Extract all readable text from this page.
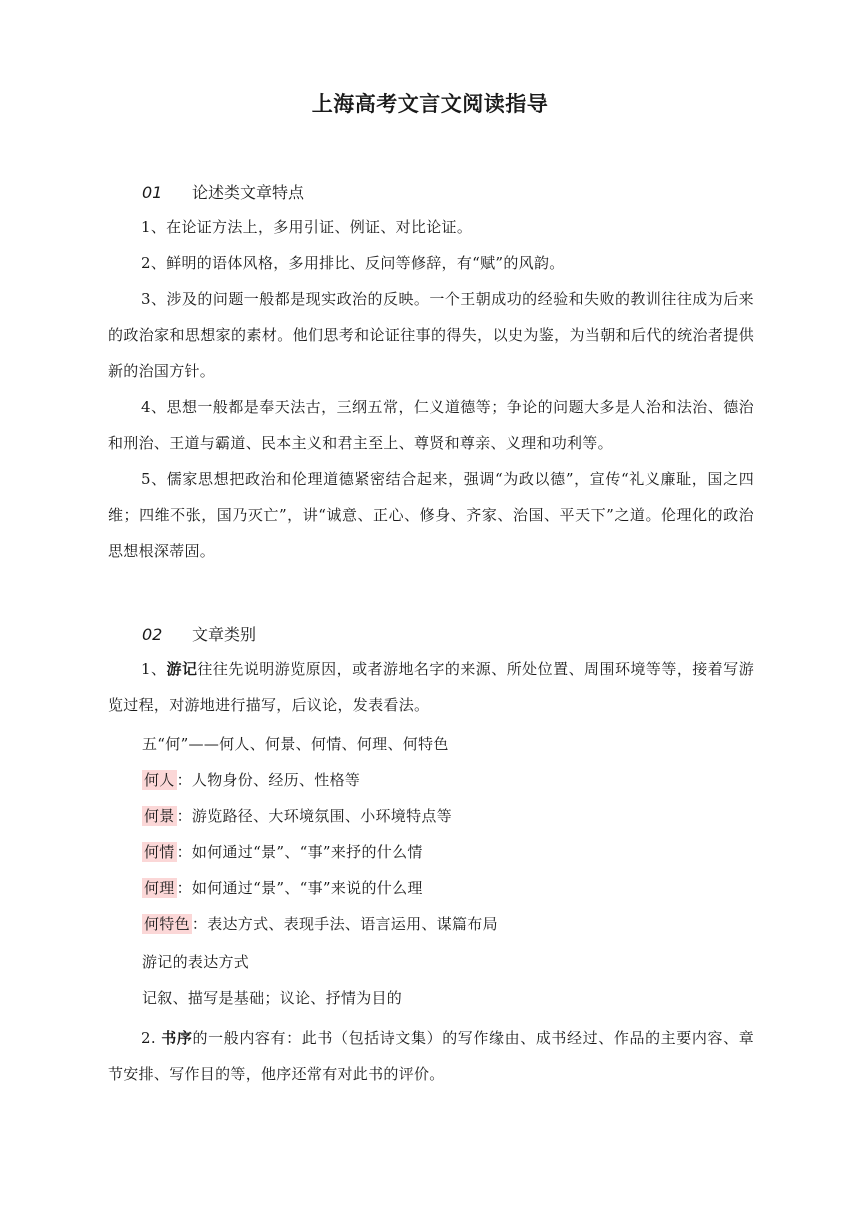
上海高考文言文阅读指导
01 论述类文章特点
1、在论证方法上，多用引证、例证、对比论证。
2、鲜明的语体风格，多用排比、反问等修辞，有“赋”的风韵。
3、涉及的问题一般都是现实政治的反映。一个王朝成功的经验和失败的教训往往成为后来的政治家和思想家的素材。他们思考和论证往事的得失，以史为鉴，为当朝和后代的统治者提供新的治国方针。
4、思想一般都是奉天法古，三纲五常，仁义道德等；争论的问题大多是人治和法治、德治和刑治、王道与霸道、民本主义和君主至上、尊贤和尊亲、义理和功利等。
5、儒家思想把政治和伦理道德紧密结合起来，强调“为政以德”，宣传“礼义廉耻，国之四维；四维不张，国乃灭亡”，讲“诚意、正心、修身、齐家、治国、平天下”之道。伦理化的政治思想根深蒂固。
02 文章类别
1、游记往往先说明游览原因，或者游地名字的来源、所处位置、周围环境等等，接着写游览过程，对游地进行描写，后议论，发表看法。
五“何”——何人、何景、何情、何理、何特色
何人 ：人物身份、经历、性格等
何景 ：游览路径、大环境氛围、小环境特点等
何情 ：如何通过“景”、“事”来抒的什么情
何理 ：如何通过“景”、“事”来说的什么理
何特色 ：表达方式、表现手法、语言运用、谋篇布局
游记的表达方式
记叙、描写是基础；议论、抒情为目的
2. 书序的一般内容有：此书（包括诗文集）的写作缘由、成书经过、作品的主要内容、章节安排、写作目的等，他序还常有对此书的评价。
